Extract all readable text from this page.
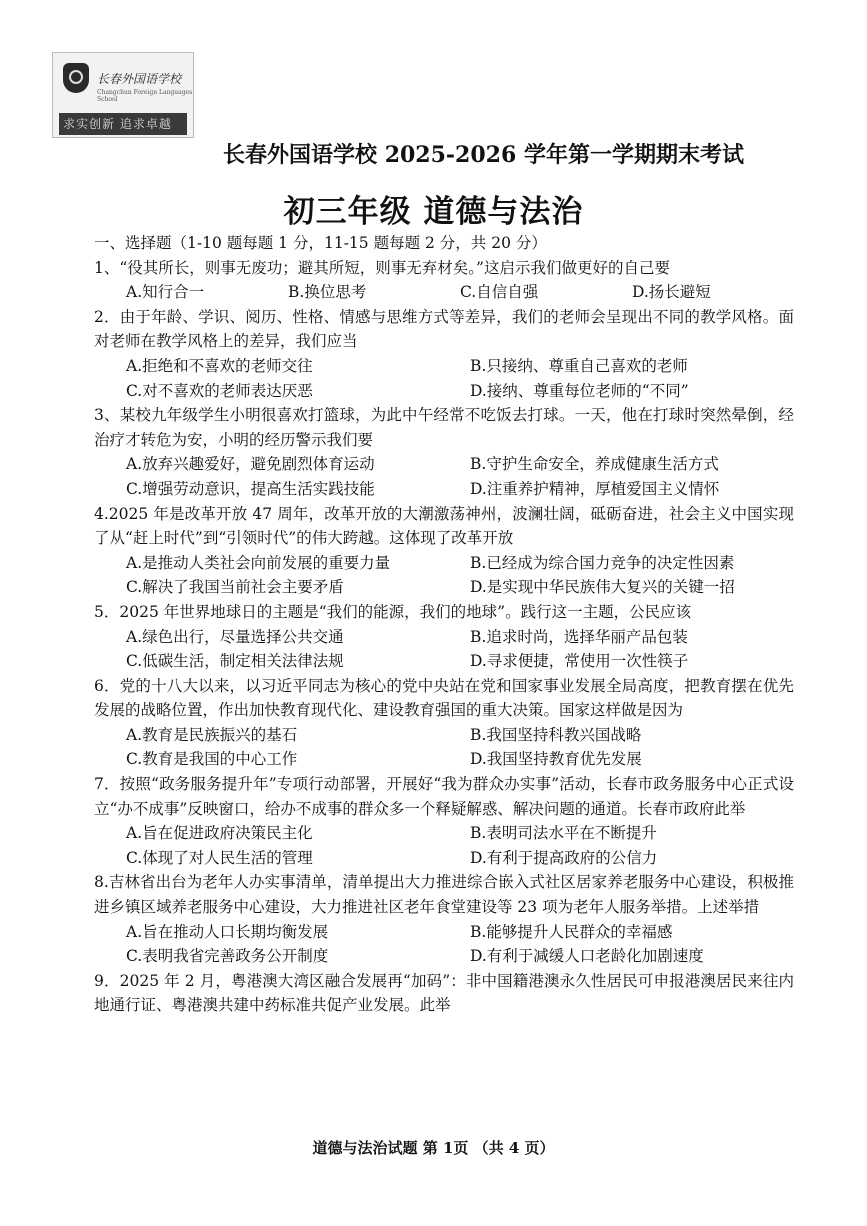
长春外国语学校
Changchun Foreign Languages School
求实创新 追求卓越
长春外国语学校 2025-2026 学年第一学期期末考试
初三年级 道德与法治
一、选择题（1-10 题每题 1 分，11-15 题每题 2 分，共 20 分）
1、“役其所长，则事无废功；避其所短，则事无弃材矣。”这启示我们做更好的自己要
A.知行合一	B.换位思考	C.自信自强	D.扬长避短
2．由于年龄、学识、阅历、性格、情感与思维方式等差异，我们的老师会呈现出不同的教学风格。面对老师在教学风格上的差异，我们应当
A.拒绝和不喜欢的老师交往	B.只接纳、尊重自己喜欢的老师
C.对不喜欢的老师表达厌恶	D.接纳、尊重每位老师的“不同”
3、某校九年级学生小明很喜欢打篮球，为此中午经常不吃饭去打球。一天，他在打球时突然晕倒，经治疗才转危为安，小明的经历警示我们要
A.放弃兴趣爱好，避免剧烈体育运动	B.守护生命安全，养成健康生活方式
C.增强劳动意识，提高生活实践技能	D.注重养护精神，厚植爱国主义情怀
4.2025 年是改革开放 47 周年，改革开放的大潮激荡神州，波澜壮阔，砥砺奋进，社会主义中国实现了从“赶上时代”到“引领时代”的伟大跨越。这体现了改革开放
A.是推动人类社会向前发展的重要力量	B.已经成为综合国力竞争的决定性因素
C.解决了我国当前社会主要矛盾	D.是实现中华民族伟大复兴的关键一招
5．2025 年世界地球日的主题是“我们的能源，我们的地球”。践行这一主题，公民应该
A.绿色出行，尽量选择公共交通	B.追求时尚，选择华丽产品包装
C.低碳生活，制定相关法律法规	D.寻求便捷，常使用一次性筷子
6．党的十八大以来，以习近平同志为核心的党中央站在党和国家事业发展全局高度，把教育摆在优先发展的战略位置，作出加快教育现代化、建设教育强国的重大决策。国家这样做是因为
A.教育是民族振兴的基石	B.我国坚持科教兴国战略
C.教育是我国的中心工作	D.我国坚持教育优先发展
7．按照“政务服务提升年”专项行动部署，开展好“我为群众办实事”活动，长春市政务服务中心正式设立“办不成事”反映窗口，给办不成事的群众多一个释疑解惑、解决问题的通道。长春市政府此举
A.旨在促进政府决策民主化	B.表明司法水平在不断提升
C.体现了对人民生活的管理	D.有利于提高政府的公信力
8.吉林省出台为老年人办实事清单，清单提出大力推进综合嵌入式社区居家养老服务中心建设，积极推进乡镇区域养老服务中心建设，大力推进社区老年食堂建设等 23 项为老年人服务举措。上述举措
A.旨在推动人口长期均衡发展	B.能够提升人民群众的幸福感
C.表明我省完善政务公开制度	D.有利于减缓人口老龄化加剧速度
9．2025 年 2 月，粤港澳大湾区融合发展再“加码”：非中国籍港澳永久性居民可申报港澳居民来往内地通行证、粤港澳共建中药标准共促产业发展。此举
道德与法治试题 第 1页 （共 4 页）
